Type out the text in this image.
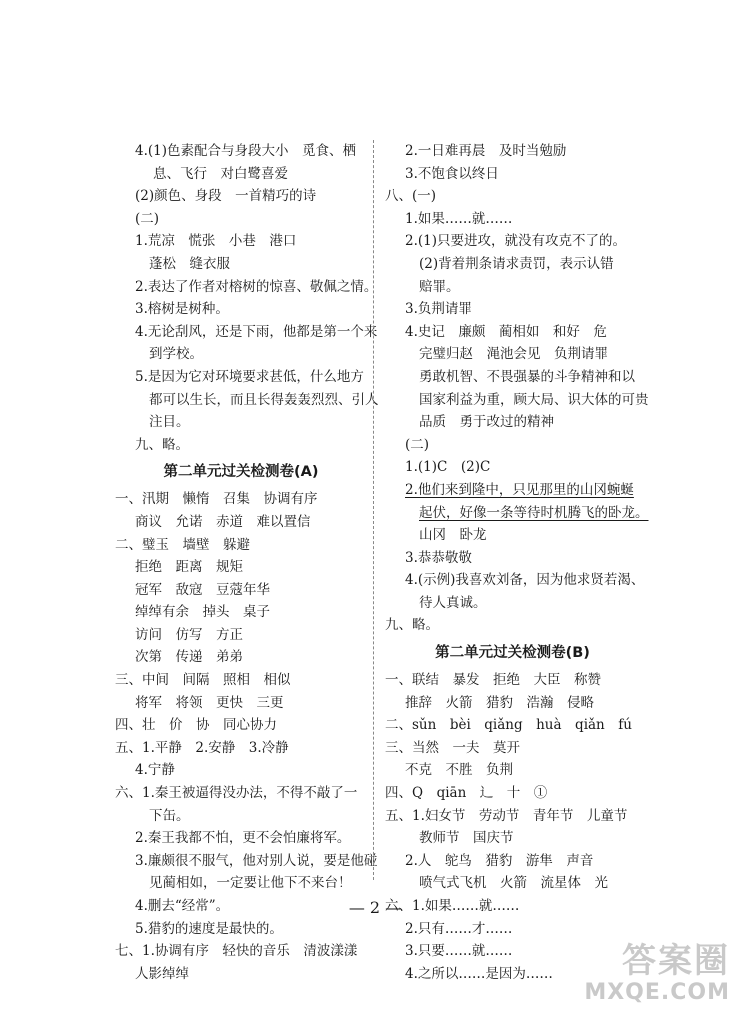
4.(1)色素配合与身段大小　觅食、栖
息、飞行　对白鹭喜爱
(2)颜色、身段　一首精巧的诗
(二)
1.荒凉　慌张　小巷　港口
蓬松　缝衣服
2.表达了作者对榕树的惊喜、敬佩之情。
3.榕树是树种。
4.无论刮风，还是下雨，他都是第一个来
到学校。
5.是因为它对环境要求甚低，什么地方
都可以生长，而且长得轰轰烈烈、引人
注目。
九、略。
第二单元过关检测卷(A)
一、汛期　懒惰　召集　协调有序
商议　允诺　赤道　难以置信
二、璧玉　墙壁　躲避
拒绝　距离　规矩
冠军　敌寇　豆蔻年华
绰绰有余　掉头　桌子
访问　仿写　方正
次第　传递　弟弟
三、中间　间隔　照相　相似
将军　将领　更快　三更
四、壮　价　协　同心协力
五、1.平静　2.安静　3.冷静
4.宁静
六、1.秦王被逼得没办法，不得不敲了一
下缶。
2.秦王我都不怕，更不会怕廉将军。
3.廉颇很不服气，他对别人说，要是他碰
见蔺相如，一定要让他下不来台！
4.删去“经常”。
5.猎豹的速度是最快的。
七、1.协调有序　轻快的音乐　清波漾漾
人影绰绰
2.一日难再晨　及时当勉励
3.不饱食以终日
八、(一)
1.如果……就……
2.(1)只要进攻，就没有攻克不了的。
(2)背着荆条请求责罚，表示认错
赔罪。
3.负荆请罪
4.史记　廉颇　蔺相如　和好　危
完璧归赵　渑池会见　负荆请罪
勇敢机智、不畏强暴的斗争精神和以
国家利益为重，顾大局、识大体的可贵
品质　勇于改过的精神
(二)
1.(1)C　(2)C
2.他们来到隆中，只见那里的山冈蜿蜒
起伏，好像一条等待时机腾飞的卧龙。
山冈　卧龙
3.恭恭敬敬
4.(示例)我喜欢刘备，因为他求贤若渴、
待人真诚。
九、略。
第二单元过关检测卷(B)
一、联结　暴发　拒绝　大臣　称赞
推辞　火箭　猎豹　浩瀚　侵略
二、sǔn　bèi　qiǎng　huà　qiǎn　fú
三、当然　一夫　莫开
不克　不胜　负荆
四、Q　qiān　辶　十　①
五、1.妇女节　劳动节　青年节　儿童节
教师节　国庆节
2.人　鸵鸟　猎豹　游隼　声音
喷气式飞机　火箭　流星体　光
六、1.如果……就……
2.只有……才……
3.只要……就……
4.之所以……是因为……
— 2 —
答案圈
MXQE.COM
